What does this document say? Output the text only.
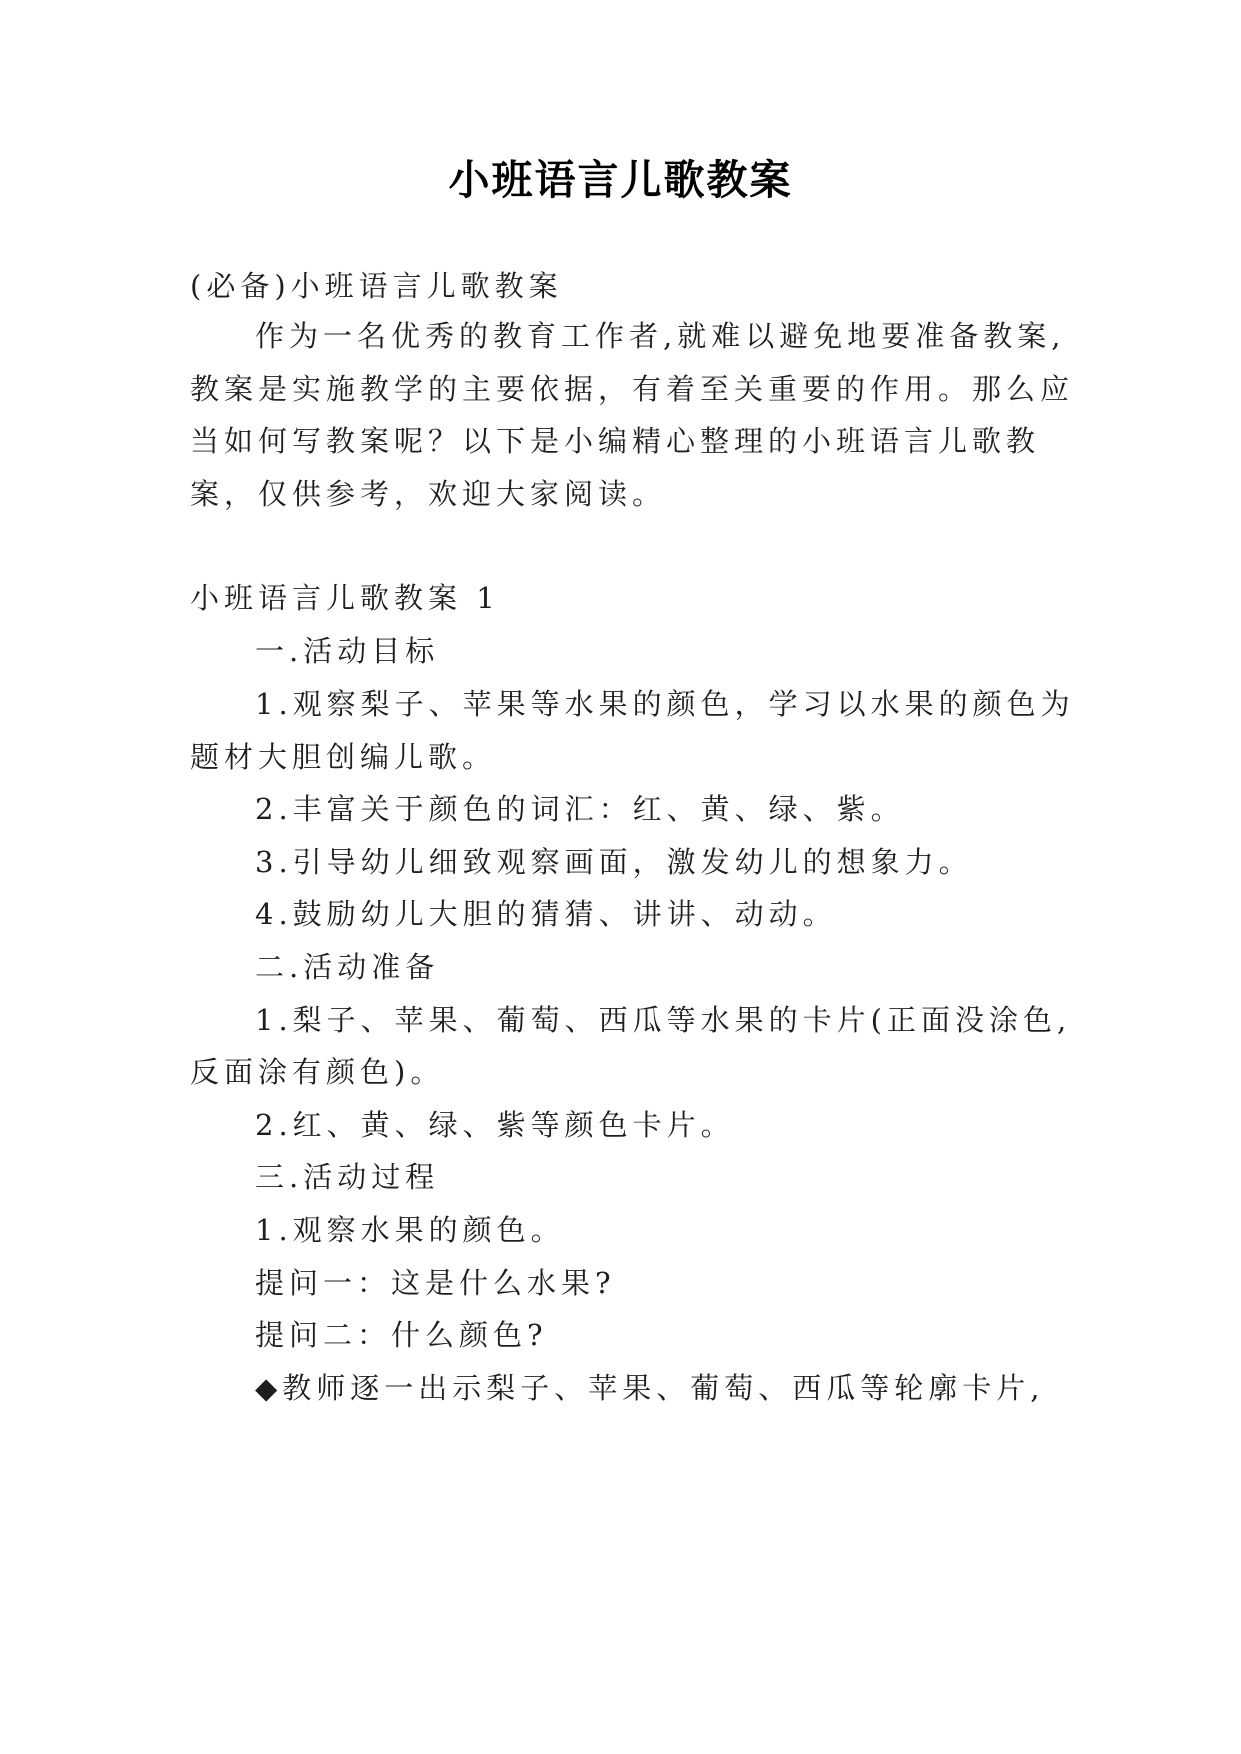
小班语言儿歌教案
(必备)小班语言儿歌教案
作为一名优秀的教育工作者,就难以避免地要准备教案,
教案是实施教学的主要依据，有着至关重要的作用。那么应
当如何写教案呢？以下是小编精心整理的小班语言儿歌教
案，仅供参考，欢迎大家阅读。
小班语言儿歌教案 1
一.活动目标
1.观察梨子、苹果等水果的颜色，学习以水果的颜色为
题材大胆创编儿歌。
2.丰富关于颜色的词汇：红、黄、绿、紫。
3.引导幼儿细致观察画面，激发幼儿的想象力。
4.鼓励幼儿大胆的猜猜、讲讲、动动。
二.活动准备
1.梨子、苹果、葡萄、西瓜等水果的卡片(正面没涂色,
反面涂有颜色)。
2.红、黄、绿、紫等颜色卡片。
三.活动过程
1.观察水果的颜色。
提问一：这是什么水果?
提问二：什么颜色?
◆教师逐一出示梨子、苹果、葡萄、西瓜等轮廓卡片,
